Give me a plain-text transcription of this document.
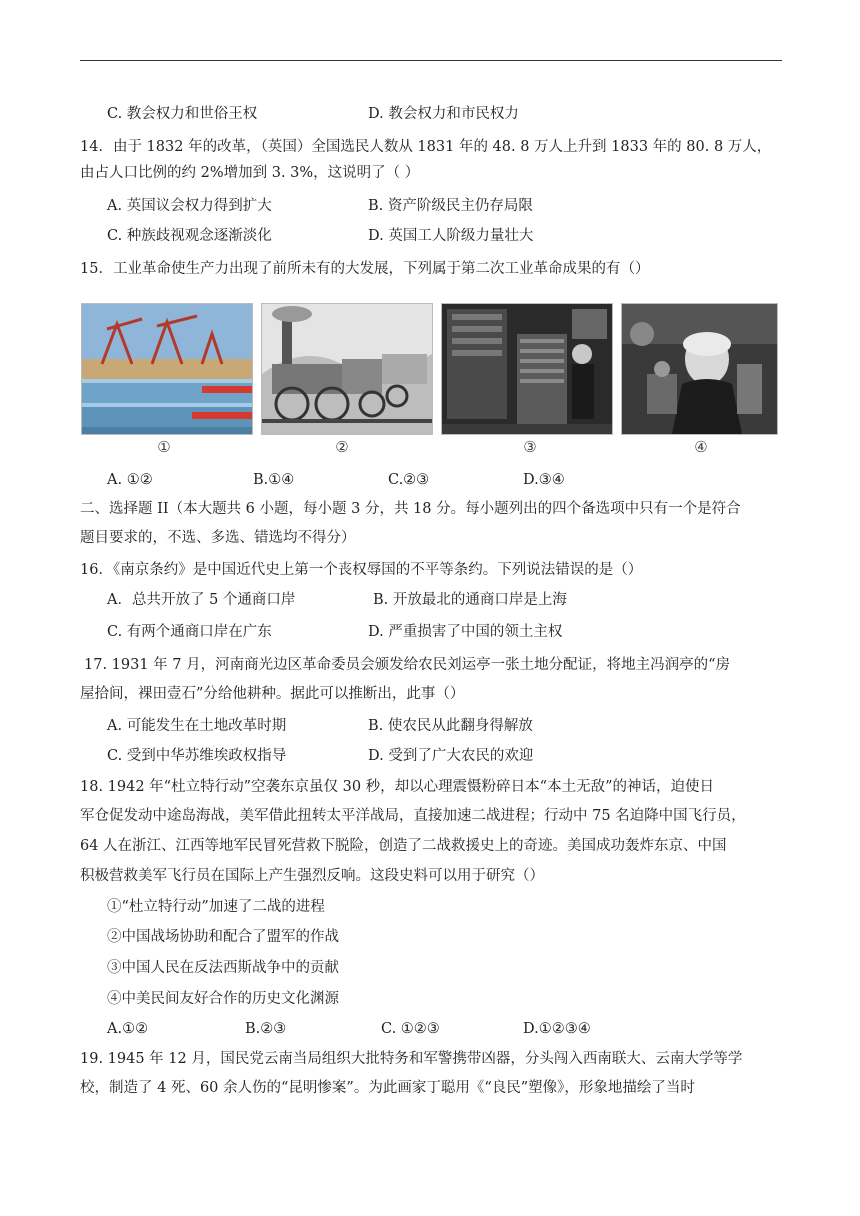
C. 教会权力和世俗王权	D. 教会权力和市民权力
14．由于 1832 年的改革，（英国）全国选民人数从 1831 年的 48. 8 万人上升到 1833 年的 80. 8 万人，
由占人口比例的约 2%增加到 3. 3%，这说明了（ ）
A. 英国议会权力得到扩大	B. 资产阶级民主仍存局限
C. 种族歧视观念逐渐淡化	D. 英国工人阶级力量壮大
15．工业革命使生产力出现了前所未有的大发展，下列属于第二次工业革命成果的有（）
①	②	③	④
A. ①②	B.①④	C.②③	D.③④
二、选择题 II（本大题共 6 小题，每小题 3 分，共 18 分。每小题列出的四个备选项中只有一个是符合
题目要求的，不选、多选、错选均不得分）
16．《南京条约》是中国近代史上第一个丧权辱国的不平等条约。下列说法错误的是（）
A．总共开放了 5 个通商口岸	B. 开放最北的通商口岸是上海
C. 有两个通商口岸在广东	D. 严重损害了中国的领土主权
17. 1931 年 7 月，河南商光边区革命委员会颁发给农民刘运亭一张土地分配证，将地主冯润亭的“房
屋拾间，裸田壹石”分给他耕种。据此可以推断出，此事（）
A. 可能发生在土地改革时期	B. 使农民从此翻身得解放
C. 受到中华苏维埃政权指导	D. 受到了广大农民的欢迎
18. 1942 年“杜立特行动”空袭东京虽仅 30 秒，却以心理震慑粉碎日本“本土无敌”的神话，迫使日
军仓促发动中途岛海战，美军借此扭转太平洋战局，直接加速二战进程；行动中 75 名迫降中国飞行员，
64 人在浙江、江西等地军民冒死营救下脱险，创造了二战救援史上的奇迹。美国成功轰炸东京、中国
积极营救美军飞行员在国际上产生强烈反响。这段史料可以用于研究（）
①“杜立特行动”加速了二战的进程
②中国战场协助和配合了盟军的作战
③中国人民在反法西斯战争中的贡献
④中美民间友好合作的历史文化渊源
A.①②	B.②③	C. ①②③	D.①②③④
19. 1945 年 12 月，国民党云南当局组织大批特务和军警携带凶器，分头闯入西南联大、云南大学等学
校，制造了 4 死、60 余人伤的“昆明惨案”。为此画家丁聪用《“良民”塑像》，形象地描绘了当时
